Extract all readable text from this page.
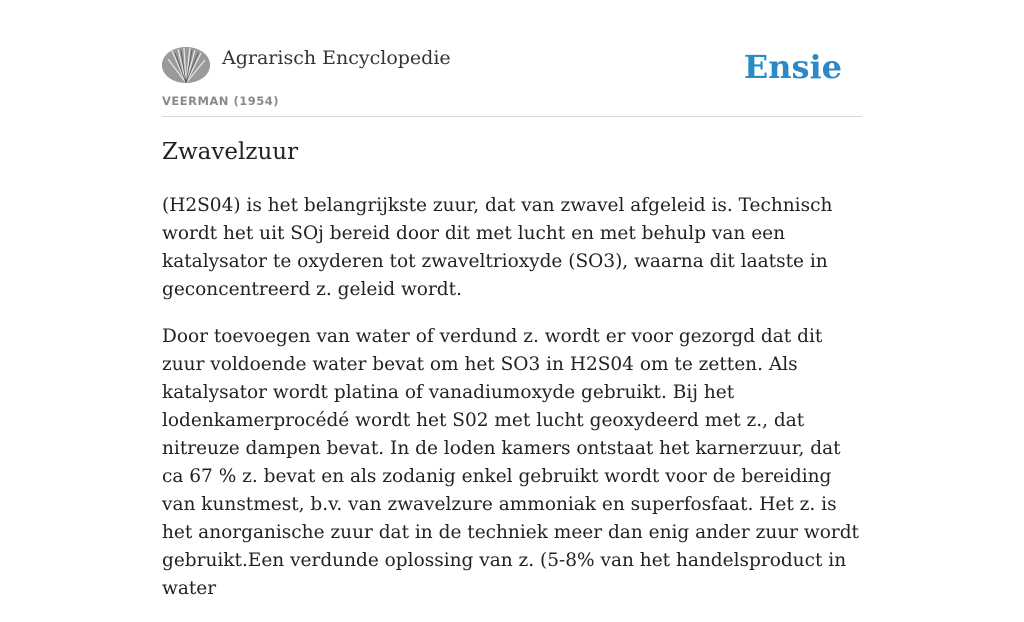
Agrarisch Encyclopedie
VEERMAN (1954)
Ensie
Zwavelzuur

(H2S04) is het belangrijkste zuur, dat van zwavel afgeleid is. Technisch wordt het uit SOj bereid door dit met lucht en met behulp van een katalysator te oxyderen tot zwaveltrioxyde (SO3), waarna dit laatste in geconcentreerd z. geleid wordt.

Door toevoegen van water of verdund z. wordt er voor gezorgd dat dit zuur voldoende water bevat om het SO3 in H2S04 om te zetten. Als katalysator wordt platina of vanadiumoxyde gebruikt. Bij het lodenkamerprocédé wordt het S02 met lucht geoxydeerd met z., dat nitreuze dampen bevat. In de loden kamers ontstaat het karnerzuur, dat ca 67 % z. bevat en als zodanig enkel gebruikt wordt voor de bereiding van kunstmest, b.v. van zwavelzure ammoniak en superfosfaat. Het z. is het anorganische zuur dat in de techniek meer dan enig ander zuur wordt gebruikt.Een verdunde oplossing van z. (5-8% van het handelsproduct in water
